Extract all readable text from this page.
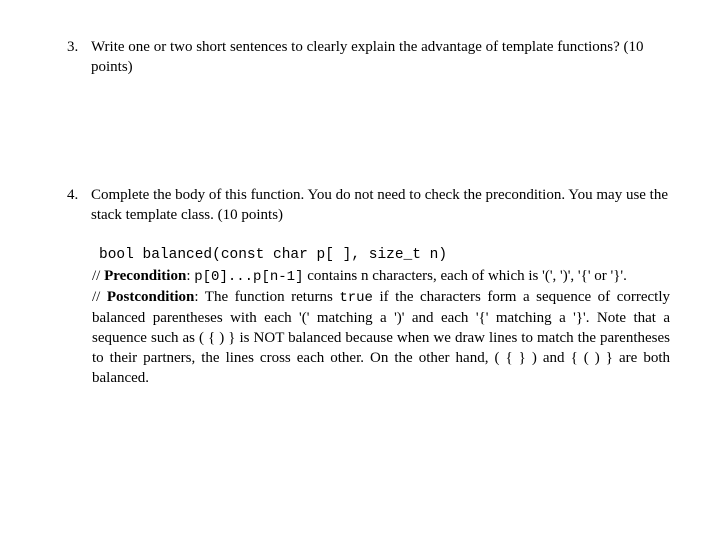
3. Write one or two short sentences to clearly explain the advantage of template functions? (10 points)
4. Complete the body of this function. You do not need to check the precondition. You may use the stack template class. (10 points)
bool balanced(const char p[ ], size_t n)

// Precondition: p[0]...p[n-1] contains n characters, each of which is '(', ')', '{' or '}'.

// Postcondition: The function returns true if the characters form a sequence of correctly balanced parentheses with each '(' matching a ')' and each '{' matching a '}'. Note that a sequence such as ( { ) } is NOT balanced because when we draw lines to match the parentheses to their partners, the lines cross each other. On the other hand, ( { } ) and { ( ) } are both balanced.
